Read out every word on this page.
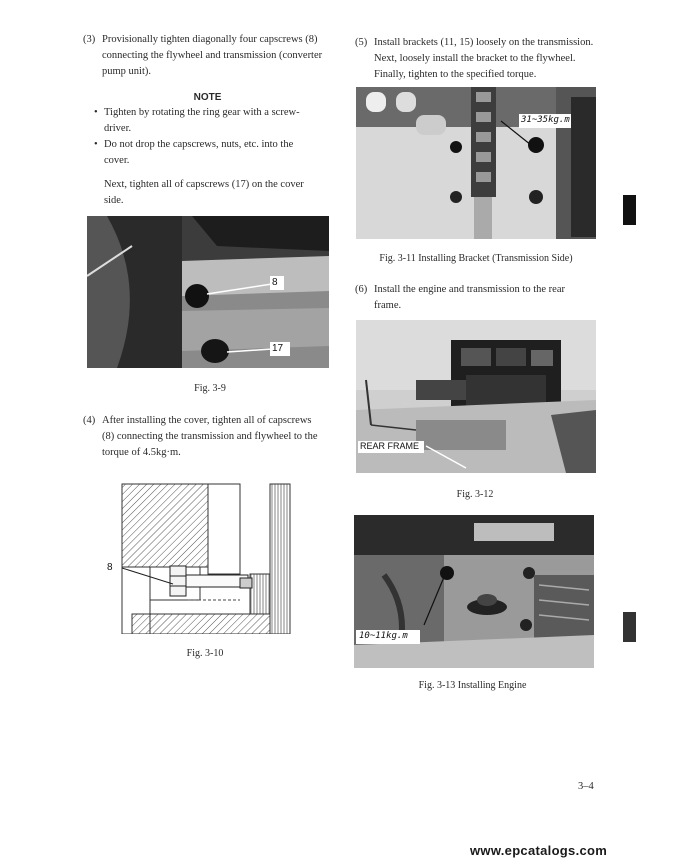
(3) Provisionally tighten diagonally four capscrews (8)
connecting the flywheel and transmission (converter
pump unit).
NOTE
• Tighten by rotating the ring gear with a screw-
driver.
• Do not drop the capscrews, nuts, etc. into the
cover.
Next, tighten all of capscrews (17) on the cover
side.
8
17
Fig. 3-9
(4) After installing the cover, tighten all of capscrews
(8) connecting the transmission and flywheel to the
torque of 4.5kg·m.
8
Fig. 3-10
(5) Install brackets (11, 15) loosely on the transmission.
Next, loosely install the bracket to the flywheel.
Finally, tighten to the specified torque.
31~35kg.m
Fig. 3-11 Installing Bracket (Transmission Side)
(6) Install the engine and transmission to the rear
frame.
REAR FRAME
Fig. 3-12
10~11kg.m
Fig. 3-13 Installing Engine
3–4
www.epcatalogs.com
